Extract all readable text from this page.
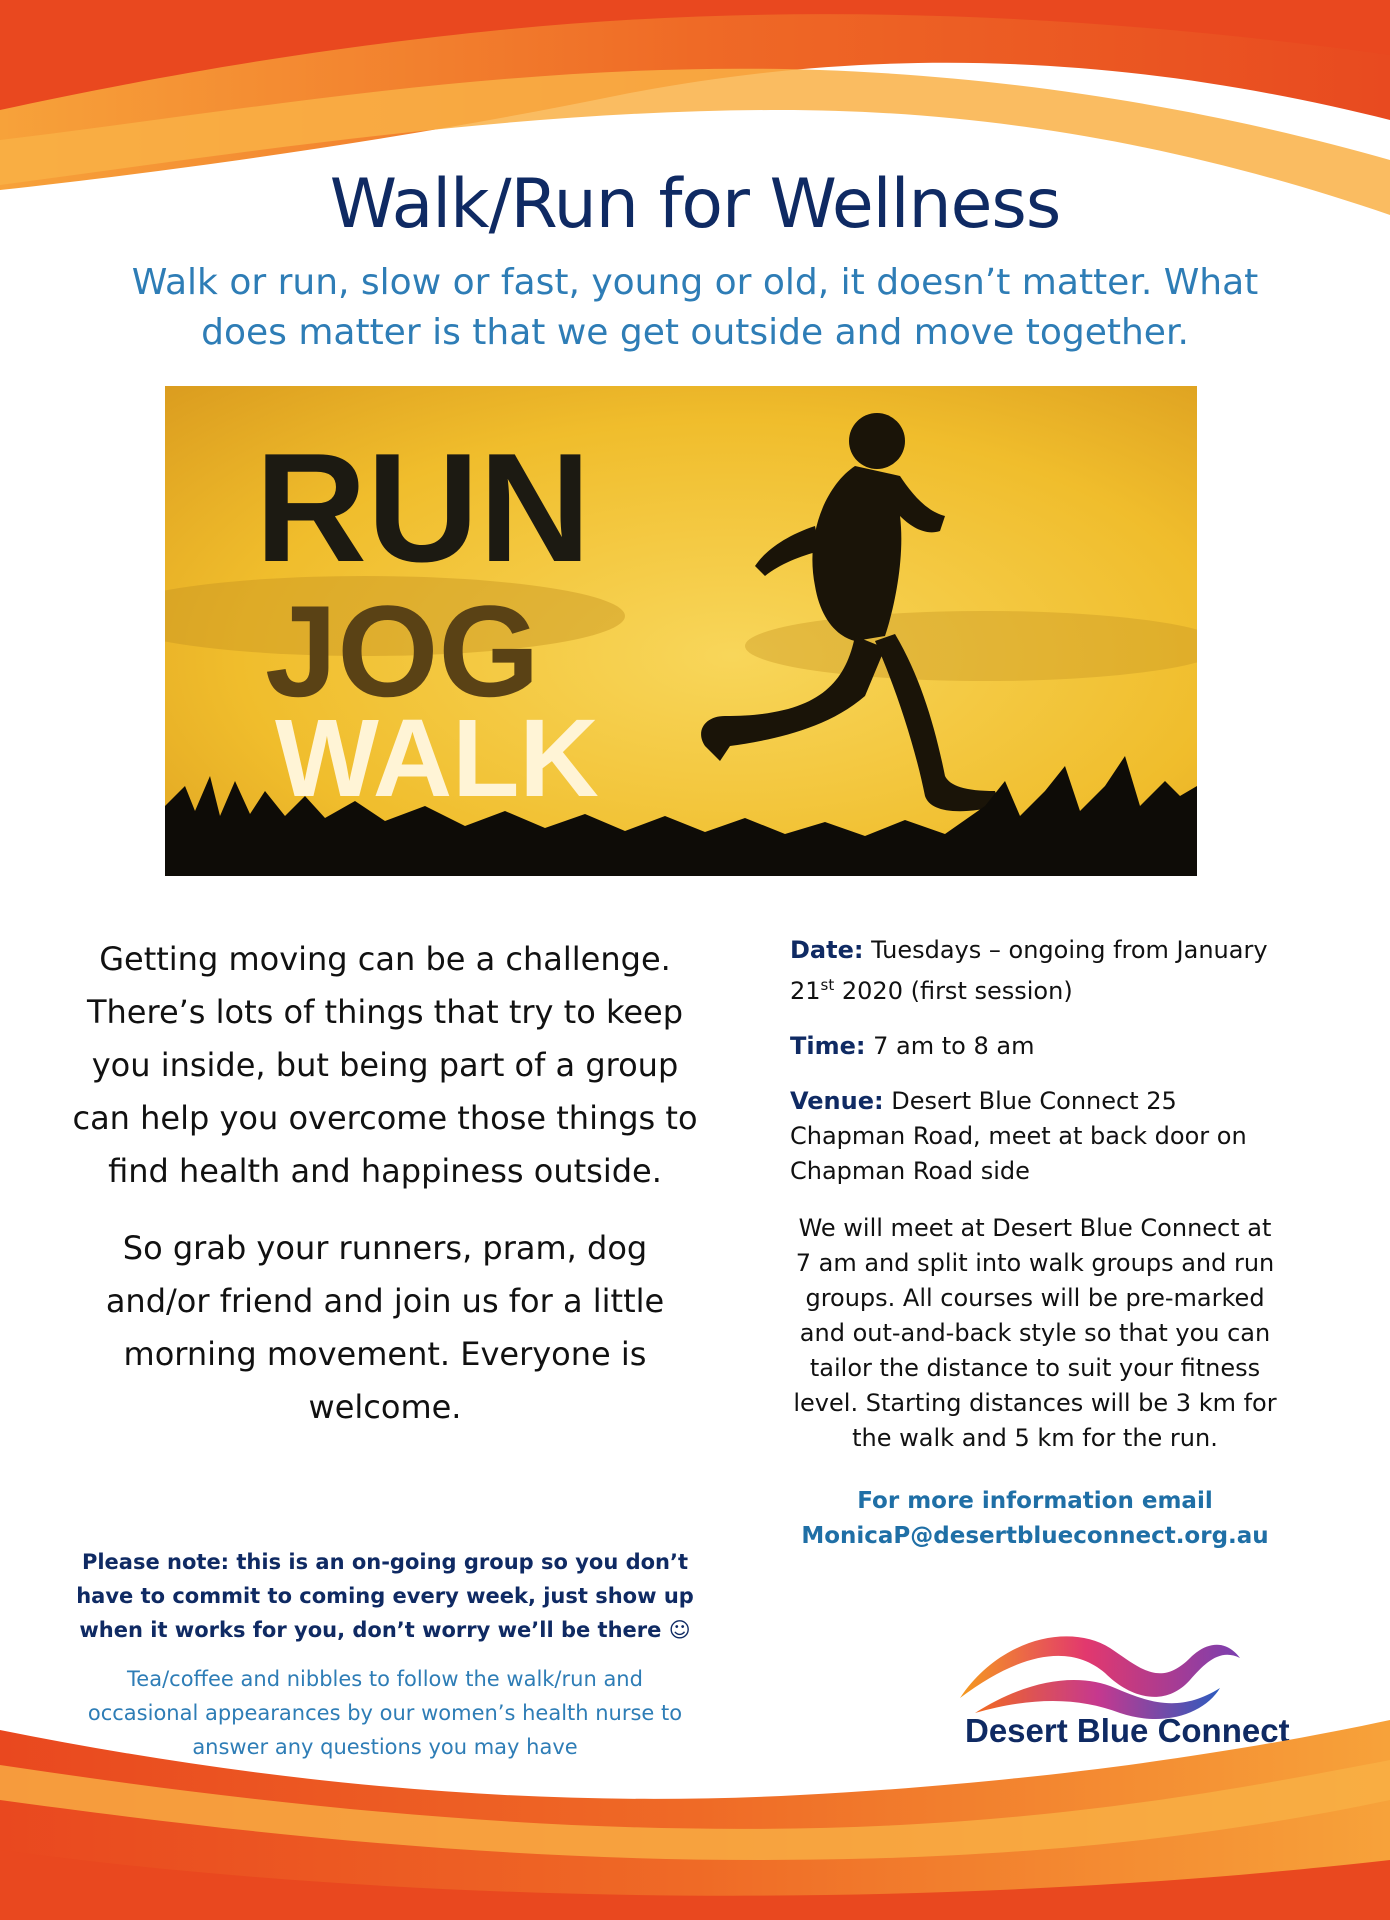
Walk/Run for Wellness
Walk or run, slow or fast, young or old, it doesn’t matter. What does matter is that we get outside and move together.
RUN
JOG
WALK

Getting moving can be a challenge. There’s lots of things that try to keep you inside, but being part of a group can help you overcome those things to find health and happiness outside.

So grab your runners, pram, dog and/or friend and join us for a little morning movement. Everyone is welcome.

Please note: this is an on-going group so you don’t have to commit to coming every week, just show up when it works for you, don’t worry we’ll be there ☺
Tea/coffee and nibbles to follow the walk/run and occasional appearances by our women’s health nurse to answer any questions you may have
Date: Tuesdays – ongoing from January 21st 2020 (first session)
Time: 7 am to 8 am
Venue: Desert Blue Connect 25 Chapman Road, meet at back door on Chapman Road side
We will meet at Desert Blue Connect at 7 am and split into walk groups and run groups. All courses will be pre-marked and out-and-back style so that you can tailor the distance to suit your fitness level. Starting distances will be 3 km for the walk and 5 km for the run.
For more information email
MonicaP@desertblueconnect.org.au
Desert Blue Connect
